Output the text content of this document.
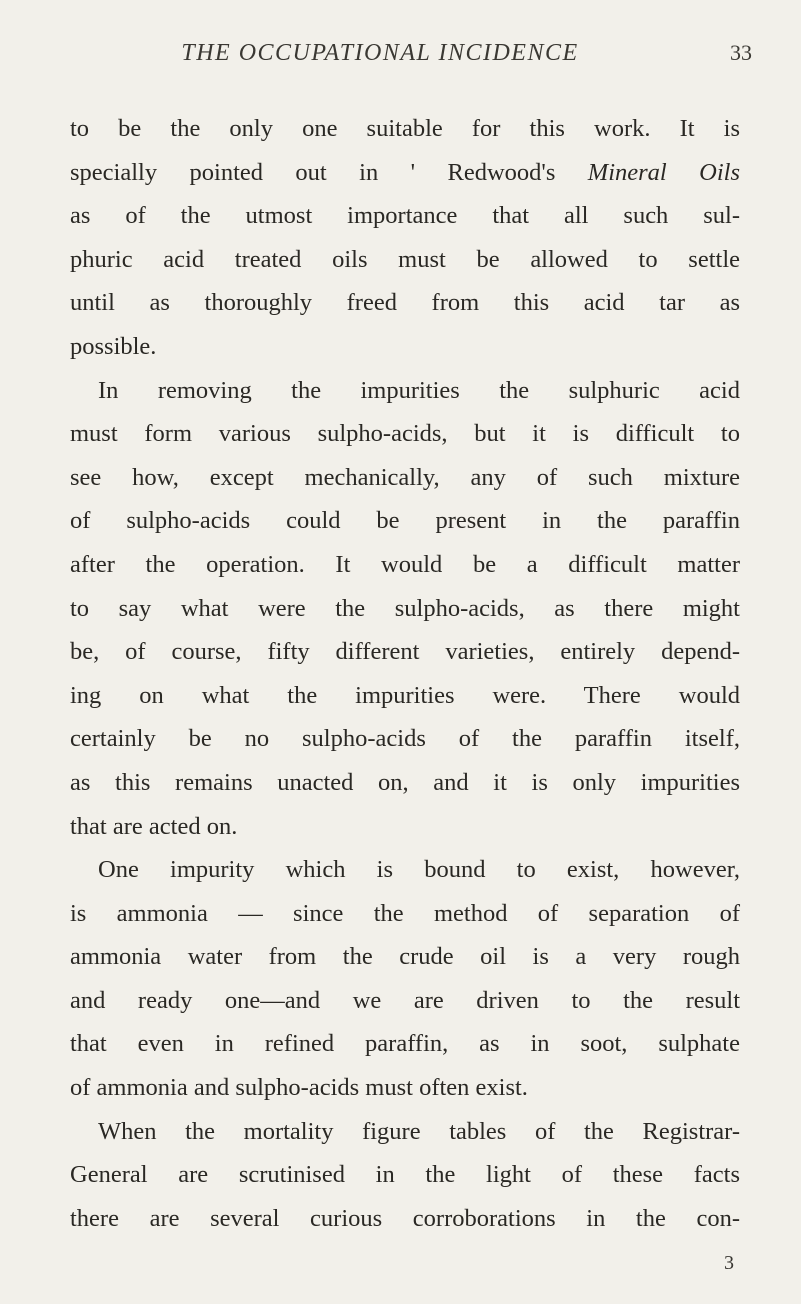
THE OCCUPATIONAL INCIDENCE	33
to be the only one suitable for this work. It is
specially pointed out in ' Redwood's Mineral Oils
as of the utmost importance that all such sul-
phuric acid treated oils must be allowed to settle
until as thoroughly freed from this acid tar as
possible.
In removing the impurities the sulphuric acid
must form various sulpho-acids, but it is difficult to
see how, except mechanically, any of such mixture
of sulpho-acids could be present in the paraffin
after the operation. It would be a difficult matter
to say what were the sulpho-acids, as there might
be, of course, fifty different varieties, entirely depend-
ing on what the impurities were. There would
certainly be no sulpho-acids of the paraffin itself,
as this remains unacted on, and it is only impurities
that are acted on.
One impurity which is bound to exist, however,
is ammonia — since the method of separation of
ammonia water from the crude oil is a very rough
and ready one—and we are driven to the result
that even in refined paraffin, as in soot, sulphate
of ammonia and sulpho-acids must often exist.
When the mortality figure tables of the Registrar-
General are scrutinised in the light of these facts
there are several curious corroborations in the con-
3
